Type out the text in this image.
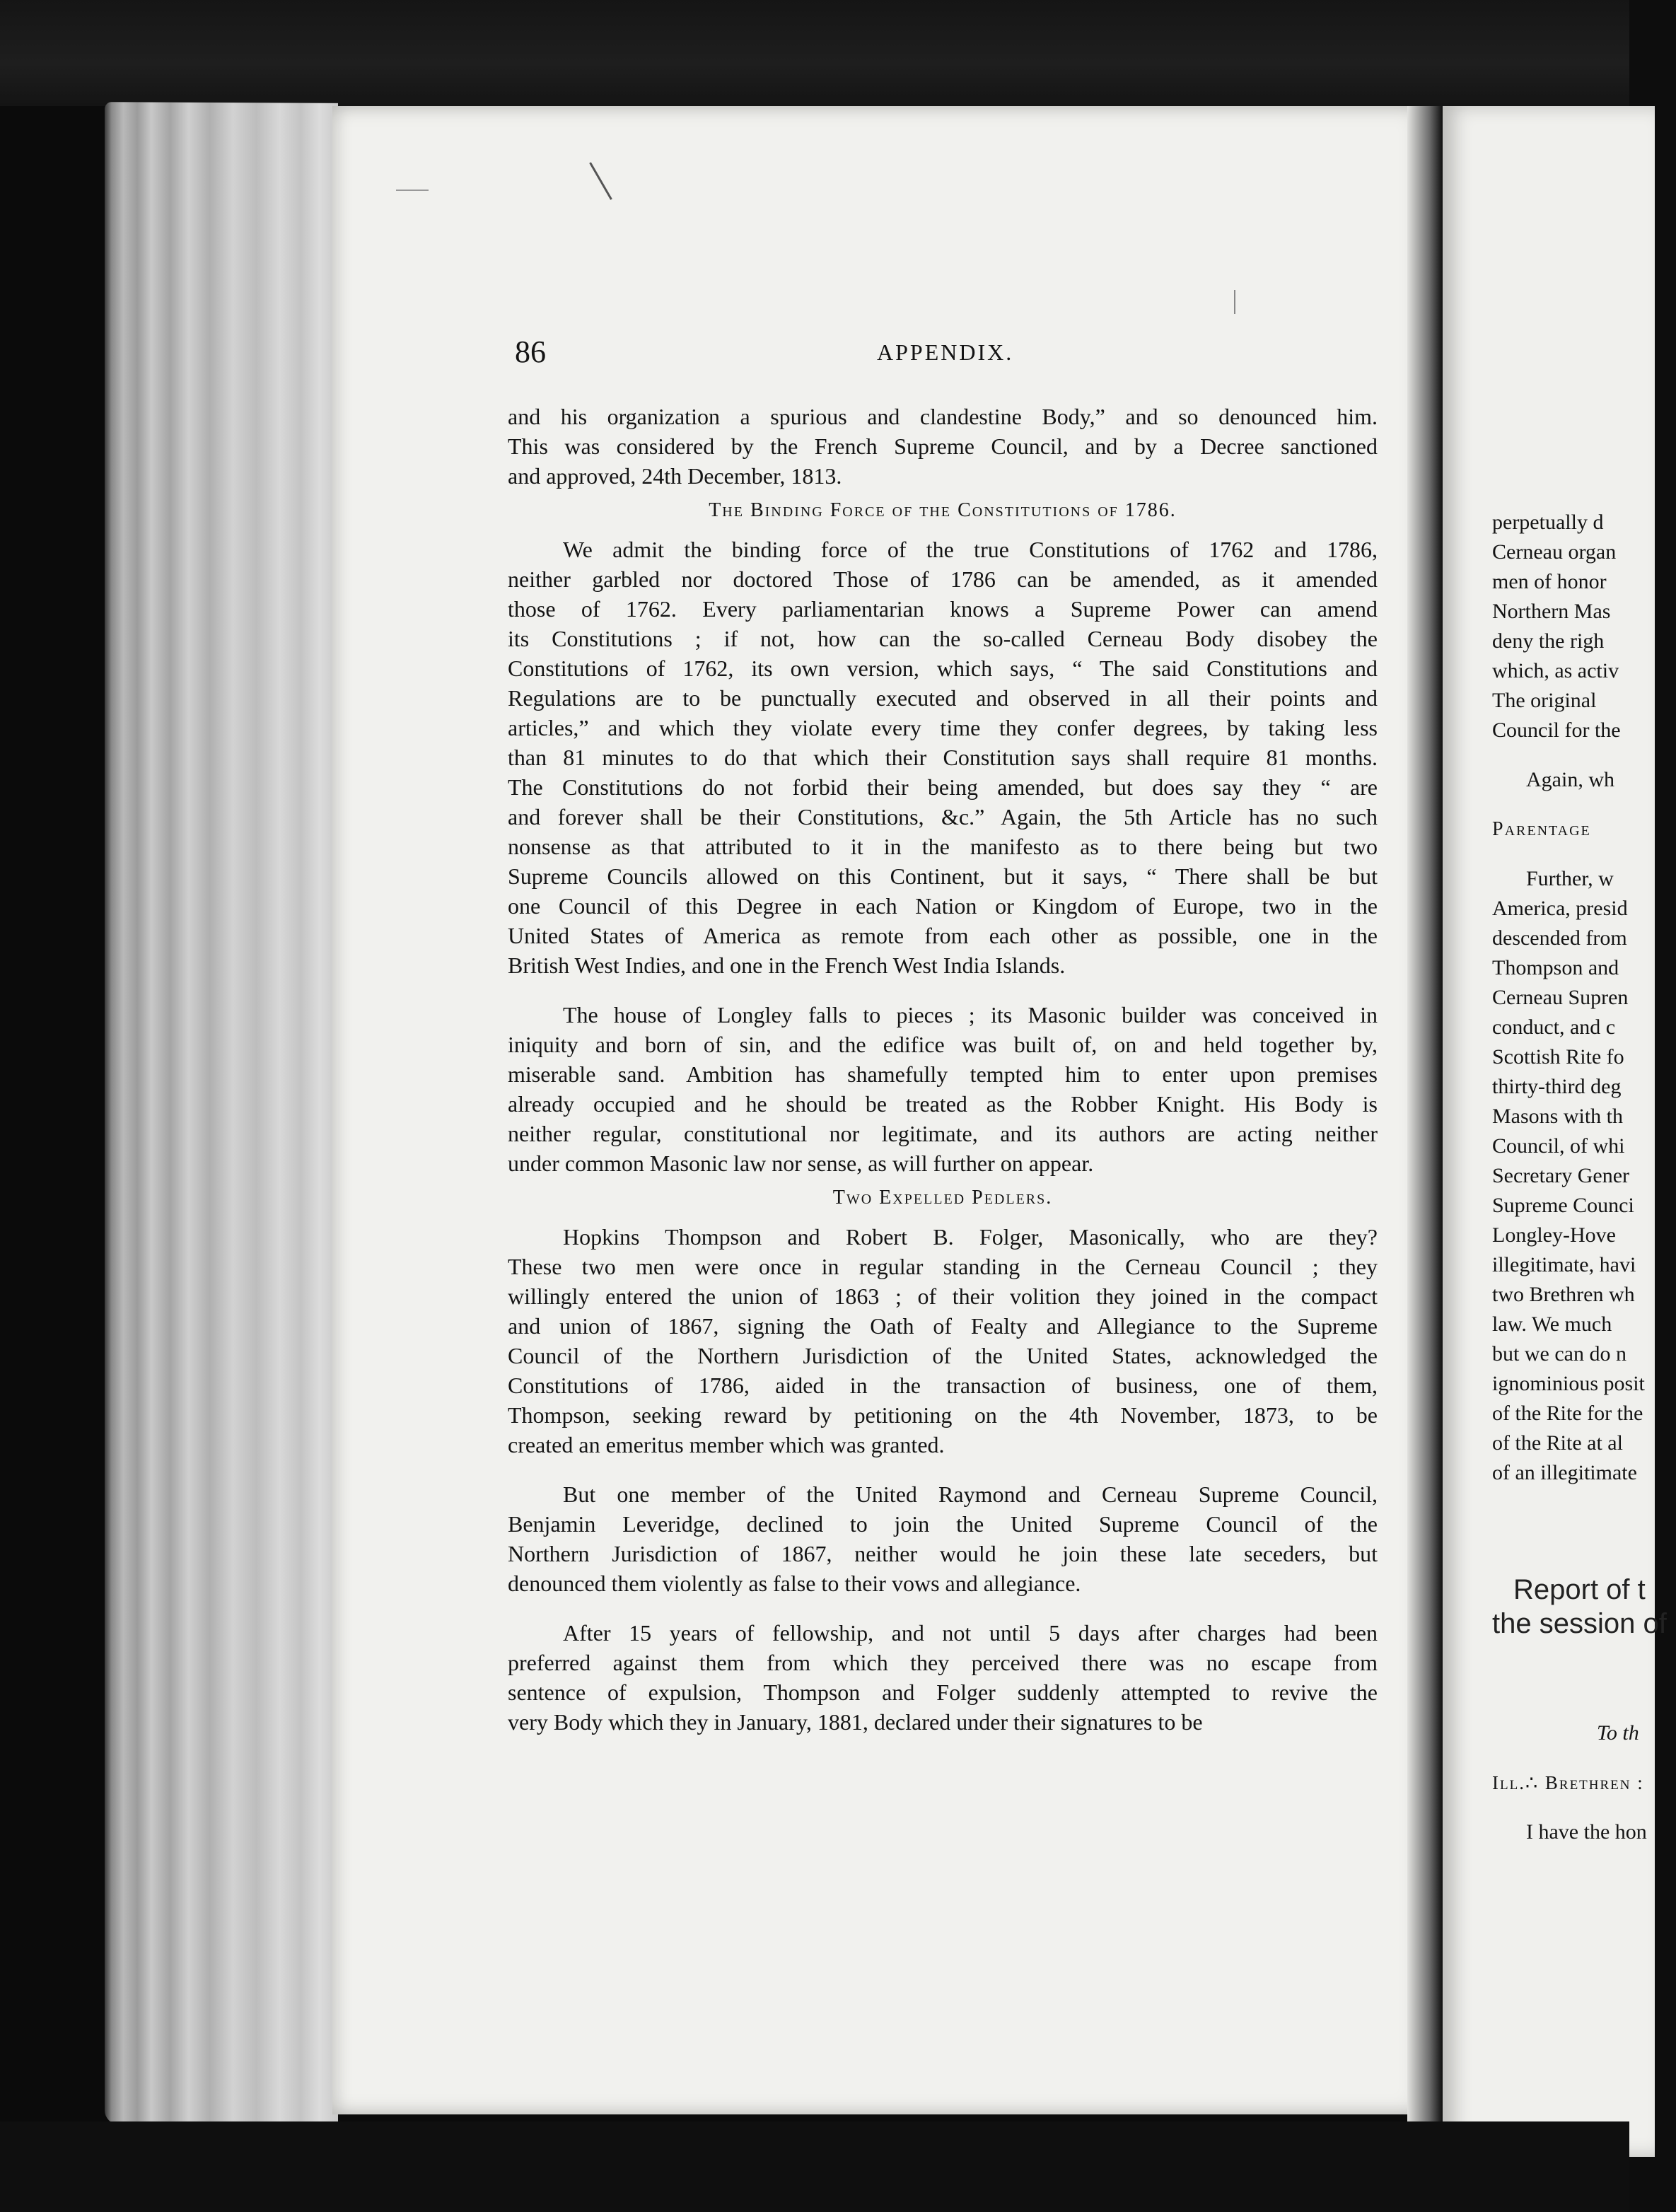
perpetually d
Cerneau organ
men of honor
Northern Mas
deny the righ
which, as activ
The original
Council for the
Again, wh
Parentage
Further, w
America, presid
descended from
Thompson and
Cerneau Supren
conduct, and c
Scottish Rite fo
thirty-third deg
Masons with th
Council, of whi
Secretary Gener
Supreme Counci
Longley-Hove
illegitimate, havi
two Brethren wh
law. We much
but we can do n
ignominious posit
of the Rite for the
of the Rite at al
of an illegitimate
Report of t
the session of
To th
Ill.∴ Brethren :
I have the hon
86	APPENDIX.
and his organization a spurious and clandestine Body,” and so denounced him.
This was considered by the French Supreme Council, and by a Decree sanctioned
and approved, 24th December, 1813.
The Binding Force of the Constitutions of 1786.
We admit the binding force of the true Constitutions of 1762 and 1786,
neither garbled nor doctored Those of 1786 can be amended, as it amended
those of 1762. Every parliamentarian knows a Supreme Power can amend
its Constitutions ; if not, how can the so-called Cerneau Body disobey the
Constitutions of 1762, its own version, which says, “ The said Constitutions and
Regulations are to be punctually executed and observed in all their points and
articles,” and which they violate every time they confer degrees, by taking less
than 81 minutes to do that which their Constitution says shall require 81 months.
The Constitutions do not forbid their being amended, but does say they “ are
and forever shall be their Constitutions, &c.” Again, the 5th Article has no such
nonsense as that attributed to it in the manifesto as to there being but two
Supreme Councils allowed on this Continent, but it says, “ There shall be but
one Council of this Degree in each Nation or Kingdom of Europe, two in the
United States of America as remote from each other as possible, one in the
British West Indies, and one in the French West India Islands.
The house of Longley falls to pieces ; its Masonic builder was conceived in
iniquity and born of sin, and the edifice was built of, on and held together by,
miserable sand. Ambition has shamefully tempted him to enter upon premises
already occupied and he should be treated as the Robber Knight. His Body is
neither regular, constitutional nor legitimate, and its authors are acting neither
under common Masonic law nor sense, as will further on appear.
Two Expelled Pedlers.
Hopkins Thompson and Robert B. Folger, Masonically, who are they?
These two men were once in regular standing in the Cerneau Council ; they
willingly entered the union of 1863 ; of their volition they joined in the compact
and union of 1867, signing the Oath of Fealty and Allegiance to the Supreme
Council of the Northern Jurisdiction of the United States, acknowledged the
Constitutions of 1786, aided in the transaction of business, one of them,
Thompson, seeking reward by petitioning on the 4th November, 1873, to be
created an emeritus member which was granted.
But one member of the United Raymond and Cerneau Supreme Council,
Benjamin Leveridge, declined to join the United Supreme Council of the
Northern Jurisdiction of 1867, neither would he join these late seceders, but
denounced them violently as false to their vows and allegiance.
After 15 years of fellowship, and not until 5 days after charges had been
preferred against them from which they perceived there was no escape from
sentence of expulsion, Thompson and Folger suddenly attempted to revive the
very Body which they in January, 1881, declared under their signatures to be
